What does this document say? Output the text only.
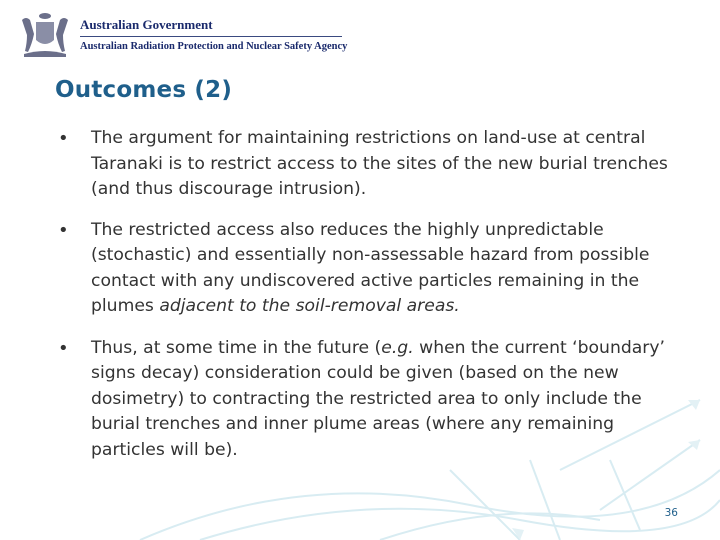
Australian Government
Australian Radiation Protection and Nuclear Safety Agency
Outcomes (2)
• The argument for maintaining restrictions on land-use at central Taranaki is to restrict access to the sites of the new burial trenches (and thus discourage intrusion).
• The restricted access also reduces the highly unpredictable (stochastic) and essentially non-assessable hazard from possible contact with any undiscovered active particles remaining in the plumes adjacent to the soil-removal areas.
• Thus, at some time in the future (e.g. when the current ‘boundary’ signs decay) consideration could be given (based on the new dosimetry) to contracting the restricted area to only include the burial trenches and inner plume areas (where any remaining particles will be).
36
